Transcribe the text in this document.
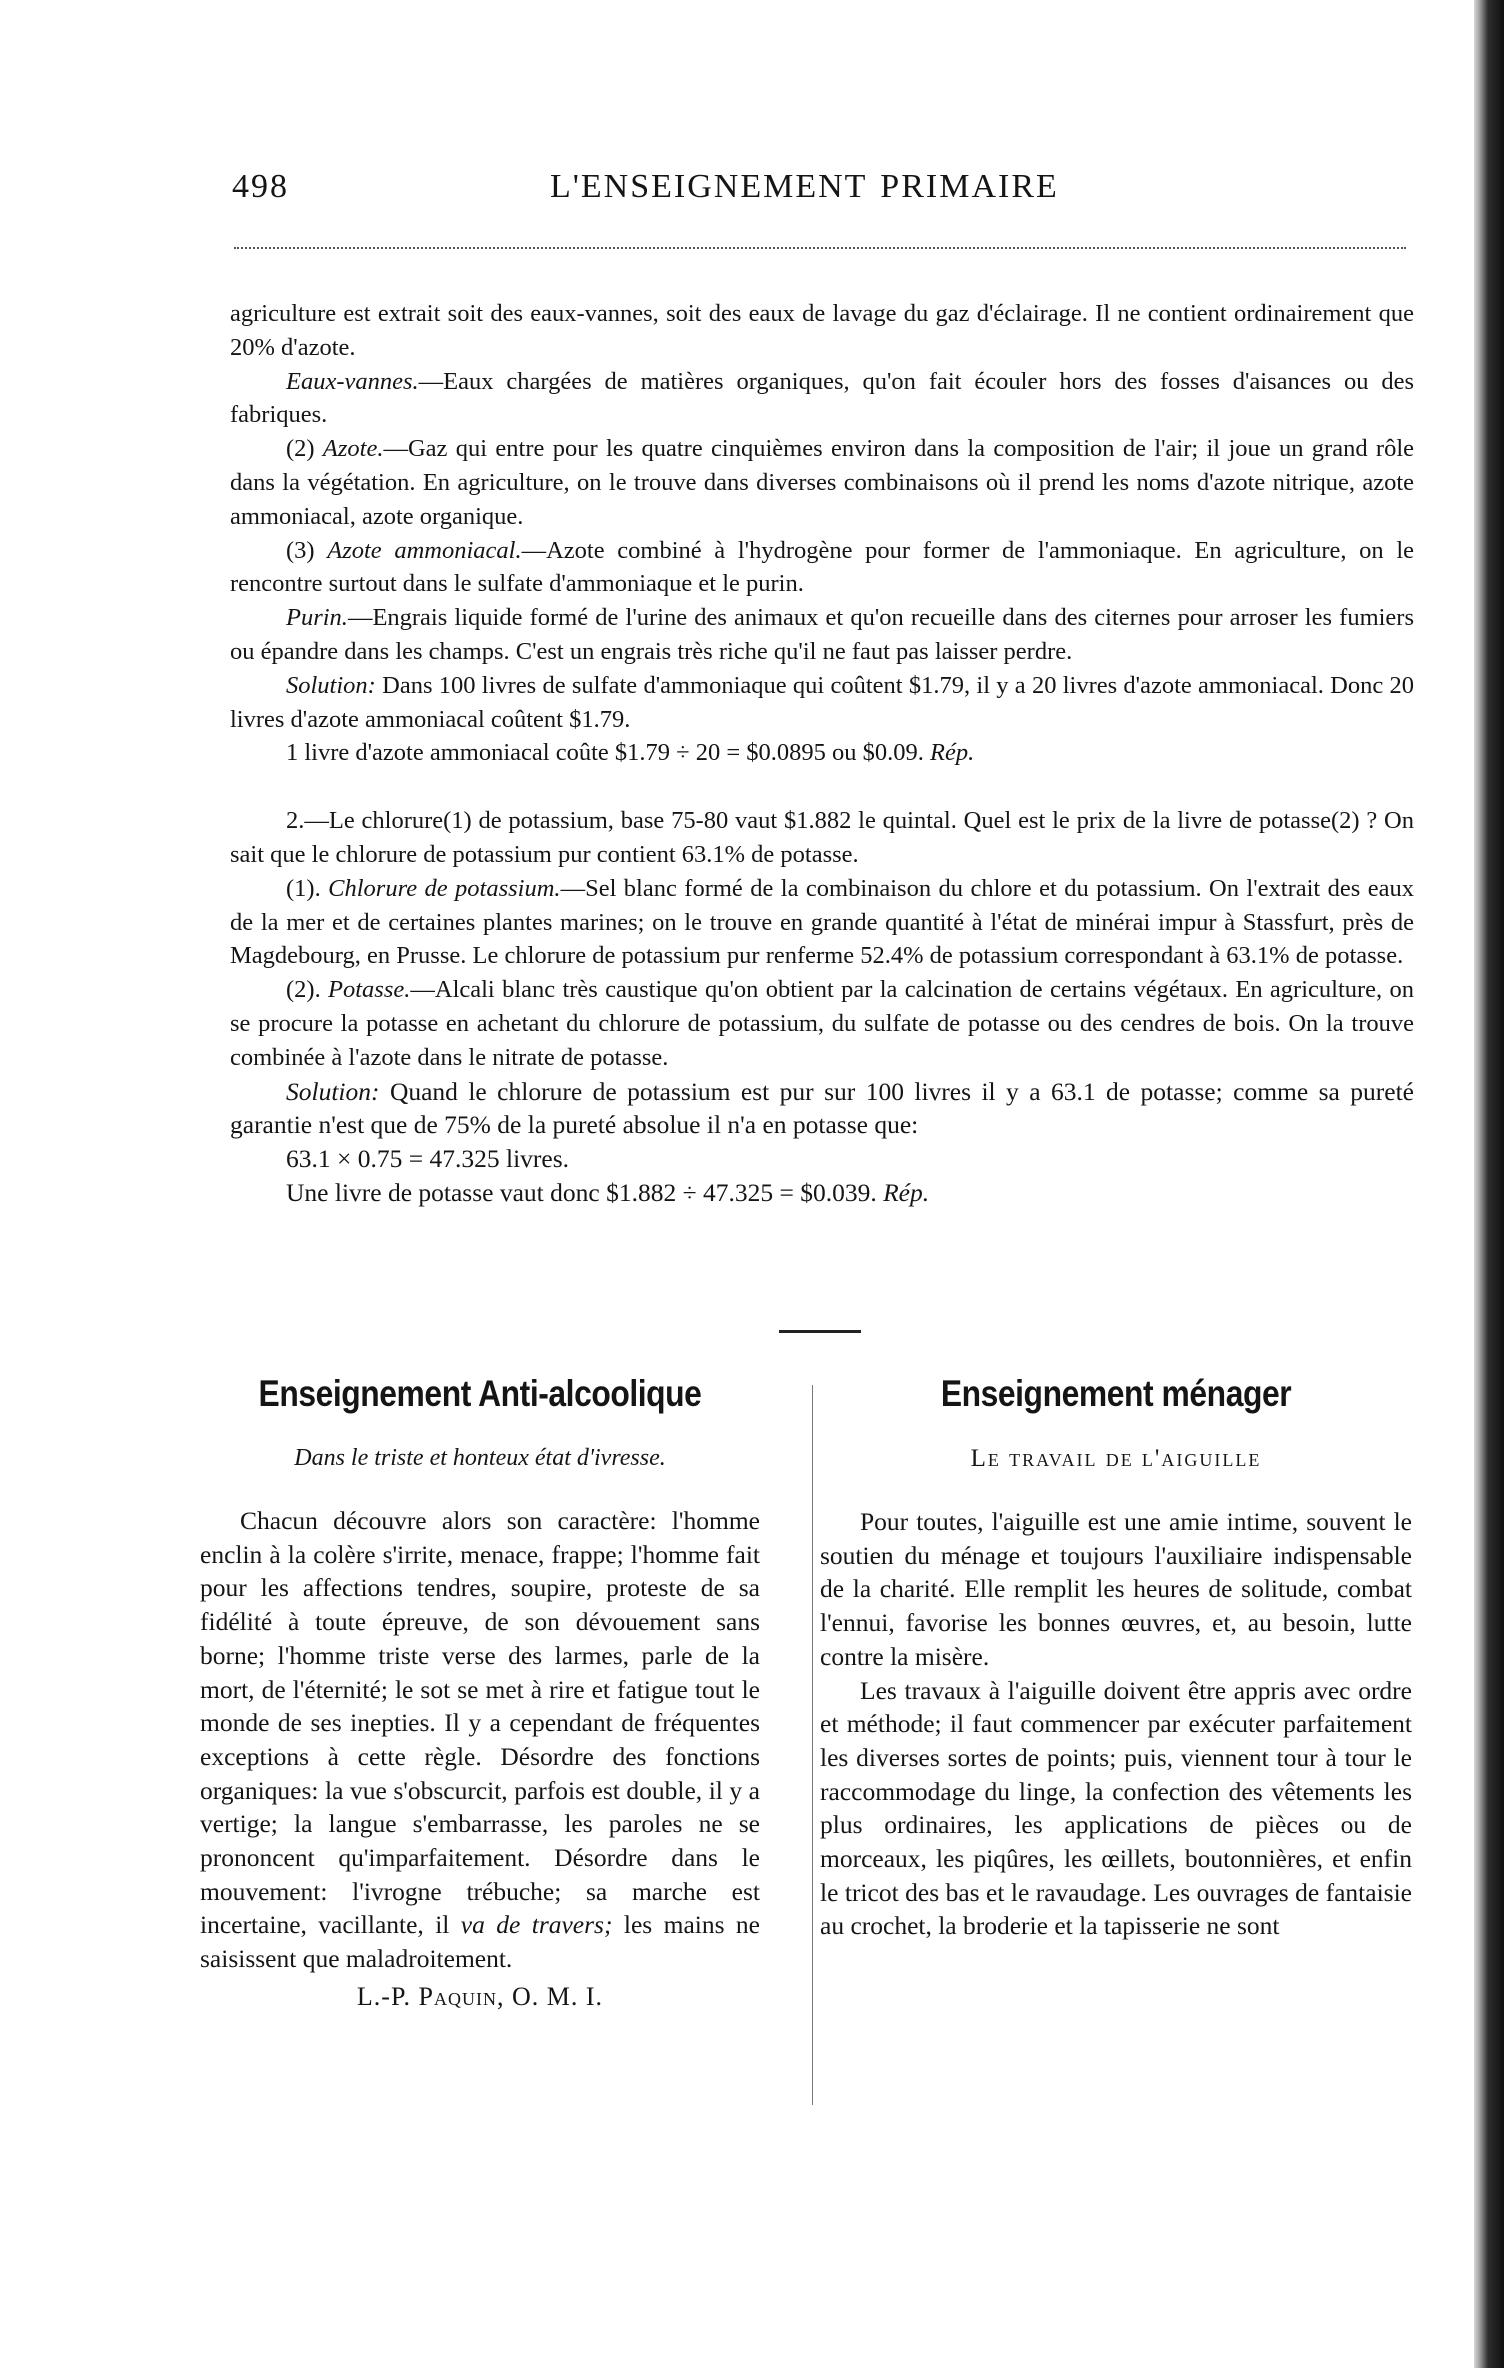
498	L'ENSEIGNEMENT PRIMAIRE

agriculture est extrait soit des eaux-vannes, soit des eaux de lavage du gaz d'éclairage. Il ne contient ordinairement que 20% d'azote.

Eaux-vannes.—Eaux chargées de matières organiques, qu'on fait écouler hors des fosses d'aisances ou des fabriques.

(2) Azote.—Gaz qui entre pour les quatre cinquièmes environ dans la composition de l'air; il joue un grand rôle dans la végétation. En agriculture, on le trouve dans diverses combinaisons où il prend les noms d'azote nitrique, azote ammoniacal, azote organique.

(3) Azote ammoniacal.—Azote combiné à l'hydrogène pour former de l'ammoniaque. En agriculture, on le rencontre surtout dans le sulfate d'ammoniaque et le purin.

Purin.—Engrais liquide formé de l'urine des animaux et qu'on recueille dans des citernes pour arroser les fumiers ou épandre dans les champs. C'est un engrais très riche qu'il ne faut pas laisser perdre.

Solution: Dans 100 livres de sulfate d'ammoniaque qui coûtent $1.79, il y a 20 livres d'azote ammoniacal. Donc 20 livres d'azote ammoniacal coûtent $1.79.

1 livre d'azote ammoniacal coûte $1.79 ÷ 20 = $0.0895 ou $0.09. Rép.

2.—Le chlorure(1) de potassium, base 75-80 vaut $1.882 le quintal. Quel est le prix de la livre de potasse(2) ? On sait que le chlorure de potassium pur contient 63.1% de potasse.

(1). Chlorure de potassium.—Sel blanc formé de la combinaison du chlore et du potassium. On l'extrait des eaux de la mer et de certaines plantes marines; on le trouve en grande quantité à l'état de minérai impur à Stassfurt, près de Magdebourg, en Prusse. Le chlorure de potassium pur renferme 52.4% de potassium correspondant à 63.1% de potasse.

(2). Potasse.—Alcali blanc très caustique qu'on obtient par la calcination de certains végétaux. En agriculture, on se procure la potasse en achetant du chlorure de potassium, du sulfate de potasse ou des cendres de bois. On la trouve combinée à l'azote dans le nitrate de potasse.

Solution: Quand le chlorure de potassium est pur sur 100 livres il y a 63.1 de potasse; comme sa pureté garantie n'est que de 75% de la pureté absolue il n'a en potasse que:

63.1 × 0.75 = 47.325 livres.

Une livre de potasse vaut donc $1.882 ÷ 47.325 = $0.039. Rép.

Enseignement Anti-alcoolique

Dans le triste et honteux état d'ivresse.

Chacun découvre alors son caractère: l'homme enclin à la colère s'irrite, menace, frappe; l'homme fait pour les affections tendres, soupire, proteste de sa fidélité à toute épreuve, de son dévouement sans borne; l'homme triste verse des larmes, parle de la mort, de l'éternité; le sot se met à rire et fatigue tout le monde de ses inepties. Il y a cependant de fréquentes exceptions à cette règle. Désordre des fonctions organiques: la vue s'obscurcit, parfois est double, il y a vertige; la langue s'embarrasse, les paroles ne se prononcent qu'imparfaitement. Désordre dans le mouvement: l'ivrogne trébuche; sa marche est incertaine, vacillante, il va de travers; les mains ne saisissent que maladroitement.

L.-P. Paquin, O. M. I.

Enseignement ménager

Le travail de l'aiguille

Pour toutes, l'aiguille est une amie intime, souvent le soutien du ménage et toujours l'auxiliaire indispensable de la charité. Elle remplit les heures de solitude, combat l'ennui, favorise les bonnes œuvres, et, au besoin, lutte contre la misère.

Les travaux à l'aiguille doivent être appris avec ordre et méthode; il faut commencer par exécuter parfaitement les diverses sortes de points; puis, viennent tour à tour le raccommodage du linge, la confection des vêtements les plus ordinaires, les applications de pièces ou de morceaux, les piqûres, les œillets, boutonnières, et enfin le tricot des bas et le ravaudage. Les ouvrages de fantaisie au crochet, la broderie et la tapisserie ne sont
